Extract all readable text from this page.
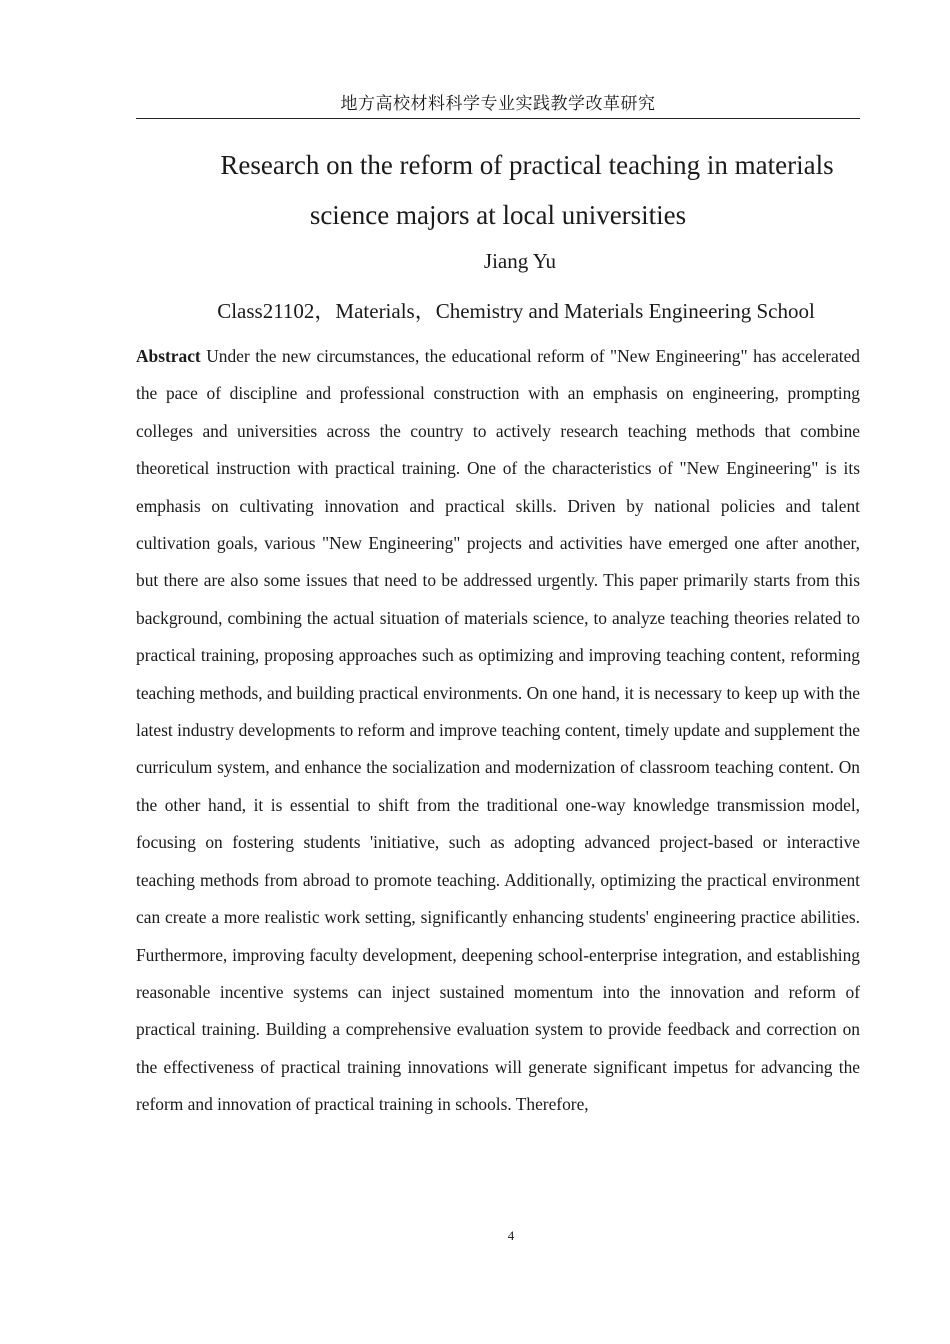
地方高校材料科学专业实践教学改革研究
Research on the reform of practical teaching in materials
science majors at local universities
Jiang Yu
Class21102，Materials，Chemistry and Materials Engineering School

Abstract Under the new circumstances, the educational reform of "New Engineering" has accelerated the pace of discipline and professional construction with an emphasis on engineering, prompting colleges and universities across the country to actively research teaching methods that combine theoretical instruction with practical training. One of the characteristics of "New Engineering" is its emphasis on cultivating innovation and practical skills. Driven by national policies and talent cultivation goals, various "New Engineering" projects and activities have emerged one after another, but there are also some issues that need to be addressed urgently. This paper primarily starts from this background, combining the actual situation of materials science, to analyze teaching theories related to practical training, proposing approaches such as optimizing and improving teaching content, reforming teaching methods, and building practical environments. On one hand, it is necessary to keep up with the latest industry developments to reform and improve teaching content, timely update and supplement the curriculum system, and enhance the socialization and modernization of classroom teaching content. On the other hand, it is essential to shift from the traditional one-way knowledge transmission model, focusing on fostering students 'initiative, such as adopting advanced project-based or interactive teaching methods from abroad to promote teaching. Additionally, optimizing the practical environment can create a more realistic work setting, significantly enhancing students' engineering practice abilities. Furthermore, improving faculty development, deepening school-enterprise integration, and establishing reasonable incentive systems can inject sustained momentum into the innovation and reform of practical training. Building a comprehensive evaluation system to provide feedback and correction on the effectiveness of practical training innovations will generate significant impetus for advancing the reform and innovation of practical training in schools. Therefore,

4
